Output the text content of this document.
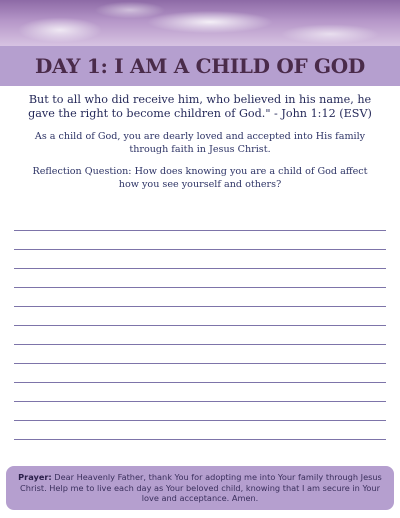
DAY 1: I AM A CHILD OF GOD
But to all who did receive him, who believed in his name, he gave the right to become children of God." - John 1:12 (ESV)
As a child of God, you are dearly loved and accepted into His family through faith in Jesus Christ.
Reflection Question: How does knowing you are a child of God affect how you see yourself and others?
Prayer: Dear Heavenly Father, thank You for adopting me into Your family through Jesus Christ. Help me to live each day as Your beloved child, knowing that I am secure in Your love and acceptance. Amen.
